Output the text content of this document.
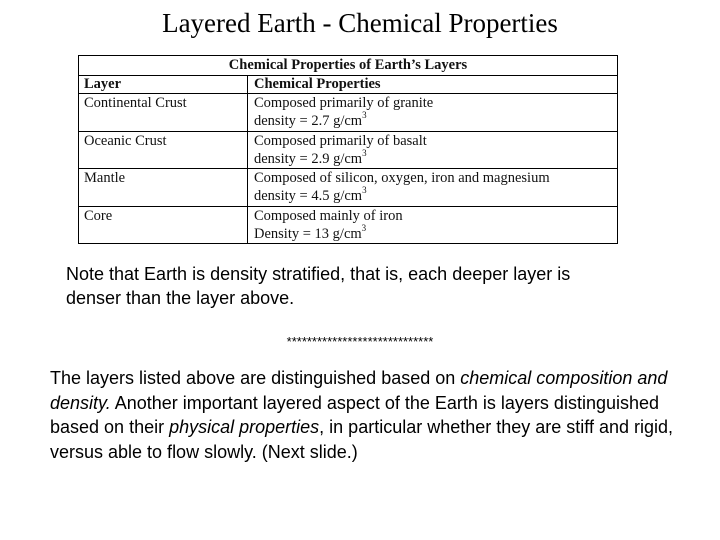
Layered Earth - Chemical Properties
Chemical Properties of Earth’s Layers
Layer	Chemical Properties
Continental Crust	Composed primarily of granite
density = 2.7 $g/cm^3$
Oceanic Crust	Composed primarily of basalt
density = 2.9 $g/cm^3$
Mantle	Composed of silicon, oxygen, iron and magnesium
density = 4.5 $g/cm^3$
Core	Composed mainly of iron
Density = 13 $g/cm^3$
Note that Earth is density stratified, that is, each deeper layer is denser than the layer above.
*****************************
The layers listed above are distinguished based on chemical composition and density. Another important layered aspect of the Earth is layers distinguished based on their physical properties, in particular whether they are stiff and rigid, versus able to flow slowly. (Next slide.)
